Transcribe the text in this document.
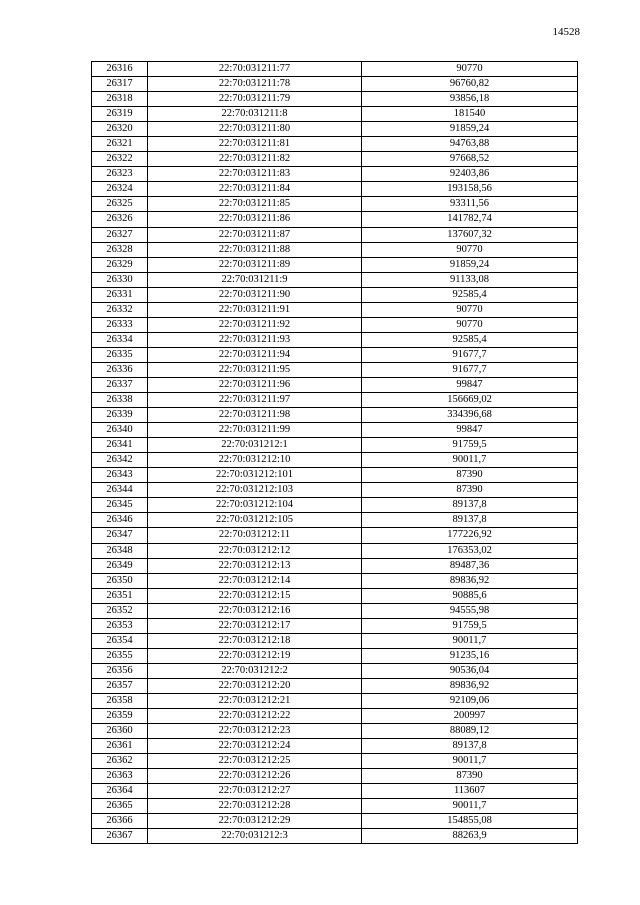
14528
26316	22:70:031211:77	90770
26317	22:70:031211:78	96760,82
26318	22:70:031211:79	93856,18
26319	22:70:031211:8	181540
26320	22:70:031211:80	91859,24
26321	22:70:031211:81	94763,88
26322	22:70:031211:82	97668,52
26323	22:70:031211:83	92403,86
26324	22:70:031211:84	193158,56
26325	22:70:031211:85	93311,56
26326	22:70:031211:86	141782,74
26327	22:70:031211:87	137607,32
26328	22:70:031211:88	90770
26329	22:70:031211:89	91859,24
26330	22:70:031211:9	91133,08
26331	22:70:031211:90	92585,4
26332	22:70:031211:91	90770
26333	22:70:031211:92	90770
26334	22:70:031211:93	92585,4
26335	22:70:031211:94	91677,7
26336	22:70:031211:95	91677,7
26337	22:70:031211:96	99847
26338	22:70:031211:97	156669,02
26339	22:70:031211:98	334396,68
26340	22:70:031211:99	99847
26341	22:70:031212:1	91759,5
26342	22:70:031212:10	90011,7
26343	22:70:031212:101	87390
26344	22:70:031212:103	87390
26345	22:70:031212:104	89137,8
26346	22:70:031212:105	89137,8
26347	22:70:031212:11	177226,92
26348	22:70:031212:12	176353,02
26349	22:70:031212:13	89487,36
26350	22:70:031212:14	89836,92
26351	22:70:031212:15	90885,6
26352	22:70:031212:16	94555,98
26353	22:70:031212:17	91759,5
26354	22:70:031212:18	90011,7
26355	22:70:031212:19	91235,16
26356	22:70:031212:2	90536,04
26357	22:70:031212:20	89836,92
26358	22:70:031212:21	92109,06
26359	22:70:031212:22	200997
26360	22:70:031212:23	88089,12
26361	22:70:031212:24	89137,8
26362	22:70:031212:25	90011,7
26363	22:70:031212:26	87390
26364	22:70:031212:27	113607
26365	22:70:031212:28	90011,7
26366	22:70:031212:29	154855,08
26367	22:70:031212:3	88263,9
